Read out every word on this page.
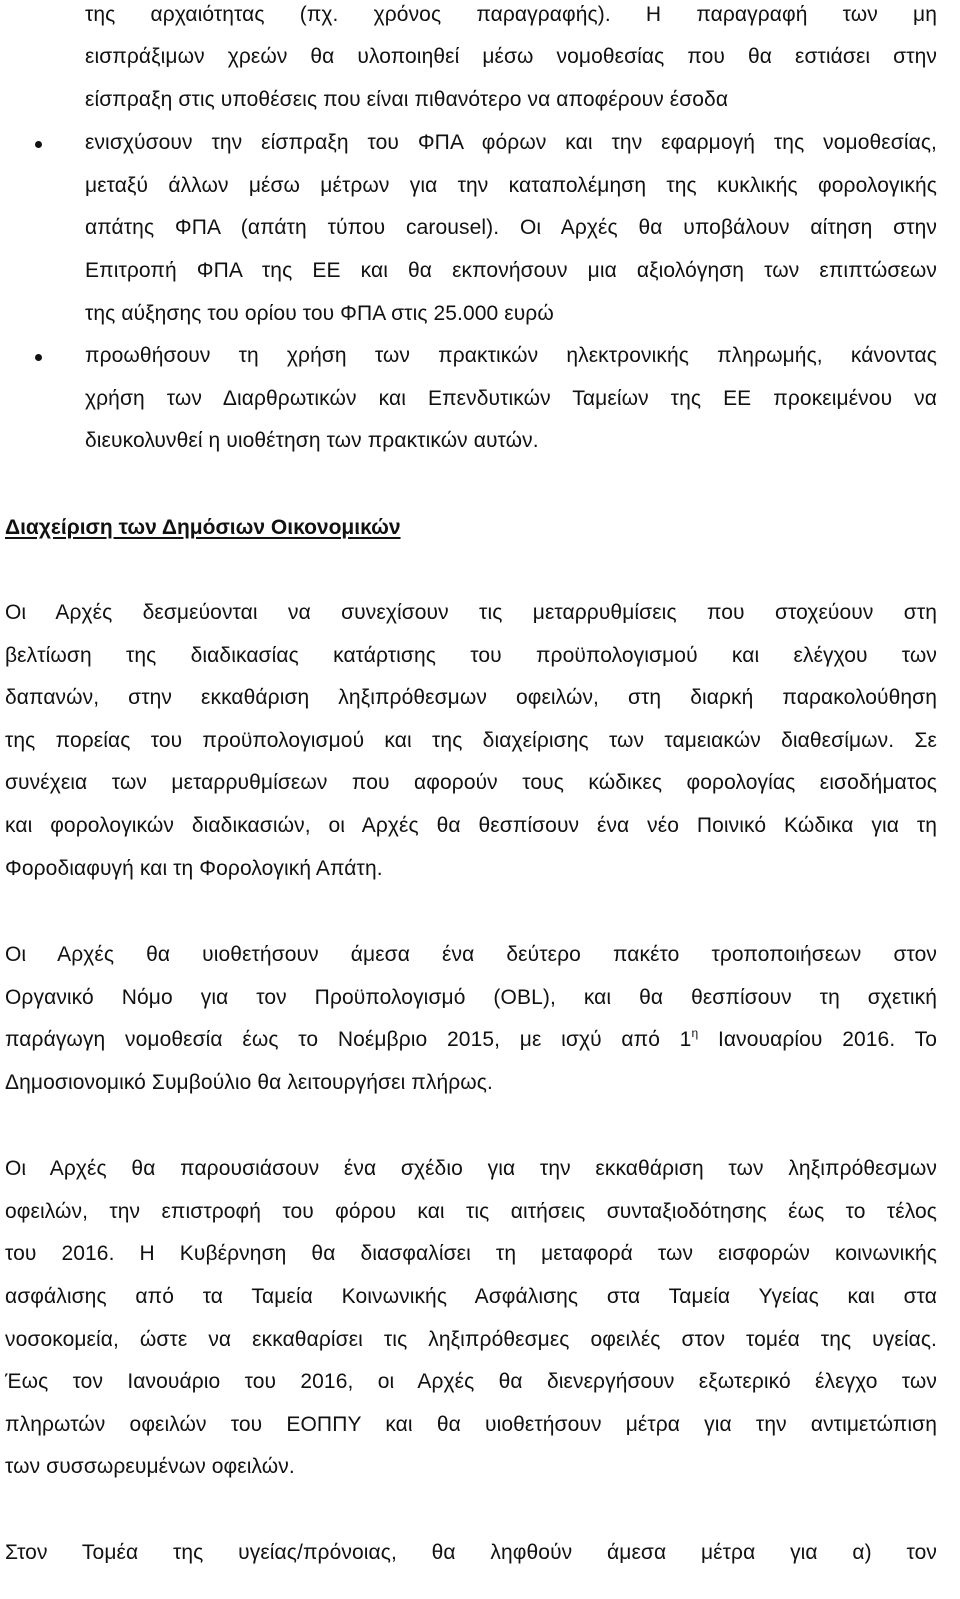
της αρχαιότητας (πχ. χρόνος παραγραφής). Η παραγραφή των μη
εισπράξιμων χρεών θα υλοποιηθεί μέσω νομοθεσίας που θα εστιάσει στην
είσπραξη στις υποθέσεις που είναι πιθανότερο να αποφέρουν έσοδα
ενισχύσουν την είσπραξη του ΦΠΑ φόρων και την εφαρμογή της νομοθεσίας,
μεταξύ άλλων μέσω μέτρων για την καταπολέμηση της κυκλικής φορολογικής
απάτης ΦΠΑ (απάτη τύπου carousel). Οι Αρχές θα υποβάλουν αίτηση στην
Επιτροπή ΦΠΑ της ΕΕ και θα εκπονήσουν μια αξιολόγηση των επιπτώσεων
της αύξησης του ορίου του ΦΠΑ στις 25.000 ευρώ
προωθήσουν τη χρήση των πρακτικών ηλεκτρονικής πληρωμής, κάνοντας
χρήση των Διαρθρωτικών και Επενδυτικών Ταμείων της ΕΕ προκειμένου να
διευκολυνθεί η υιοθέτηση των πρακτικών αυτών.
Διαχείριση των Δημόσιων Οικονομικών
Οι Αρχές δεσμεύονται να συνεχίσουν τις μεταρρυθμίσεις που στοχεύουν στη
βελτίωση της διαδικασίας κατάρτισης του προϋπολογισμού και ελέγχου των
δαπανών, στην εκκαθάριση ληξιπρόθεσμων οφειλών, στη διαρκή παρακολούθηση
της πορείας του προϋπολογισμού και της διαχείρισης των ταμειακών διαθεσίμων. Σε
συνέχεια των μεταρρυθμίσεων που αφορούν τους κώδικες φορολογίας εισοδήματος
και φορολογικών διαδικασιών, οι Αρχές θα θεσπίσουν ένα νέο Ποινικό Κώδικα για τη
Φοροδιαφυγή και τη Φορολογική Απάτη.
Οι Αρχές θα υιοθετήσουν άμεσα ένα δεύτερο πακέτο τροποποιήσεων στον
Οργανικό Νόμο για τον Προϋπολογισμό (OBL), και θα θεσπίσουν τη σχετική
παράγωγη νομοθεσία έως το Νοέμβριο 2015, με ισχύ από $1^\eta$ Ιανουαρίου 2016. Το
Δημοσιονομικό Συμβούλιο θα λειτουργήσει πλήρως.
Οι Αρχές θα παρουσιάσουν ένα σχέδιο για την εκκαθάριση των ληξιπρόθεσμων
οφειλών, την επιστροφή του φόρου και τις αιτήσεις συνταξιοδότησης έως το τέλος
του 2016. Η Κυβέρνηση θα διασφαλίσει τη μεταφορά των εισφορών κοινωνικής
ασφάλισης από τα Ταμεία Κοινωνικής Ασφάλισης στα Ταμεία Υγείας και στα
νοσοκομεία, ώστε να εκκαθαρίσει τις ληξιπρόθεσμες οφειλές στον τομέα της υγείας.
Έως τον Ιανουάριο του 2016, οι Αρχές θα διενεργήσουν εξωτερικό έλεγχο των
πληρωτών οφειλών του ΕΟΠΠΥ και θα υιοθετήσουν μέτρα για την αντιμετώπιση
των συσσωρευμένων οφειλών.
Στον Τομέα της υγείας/πρόνοιας, θα ληφθούν άμεσα μέτρα για α) τον
